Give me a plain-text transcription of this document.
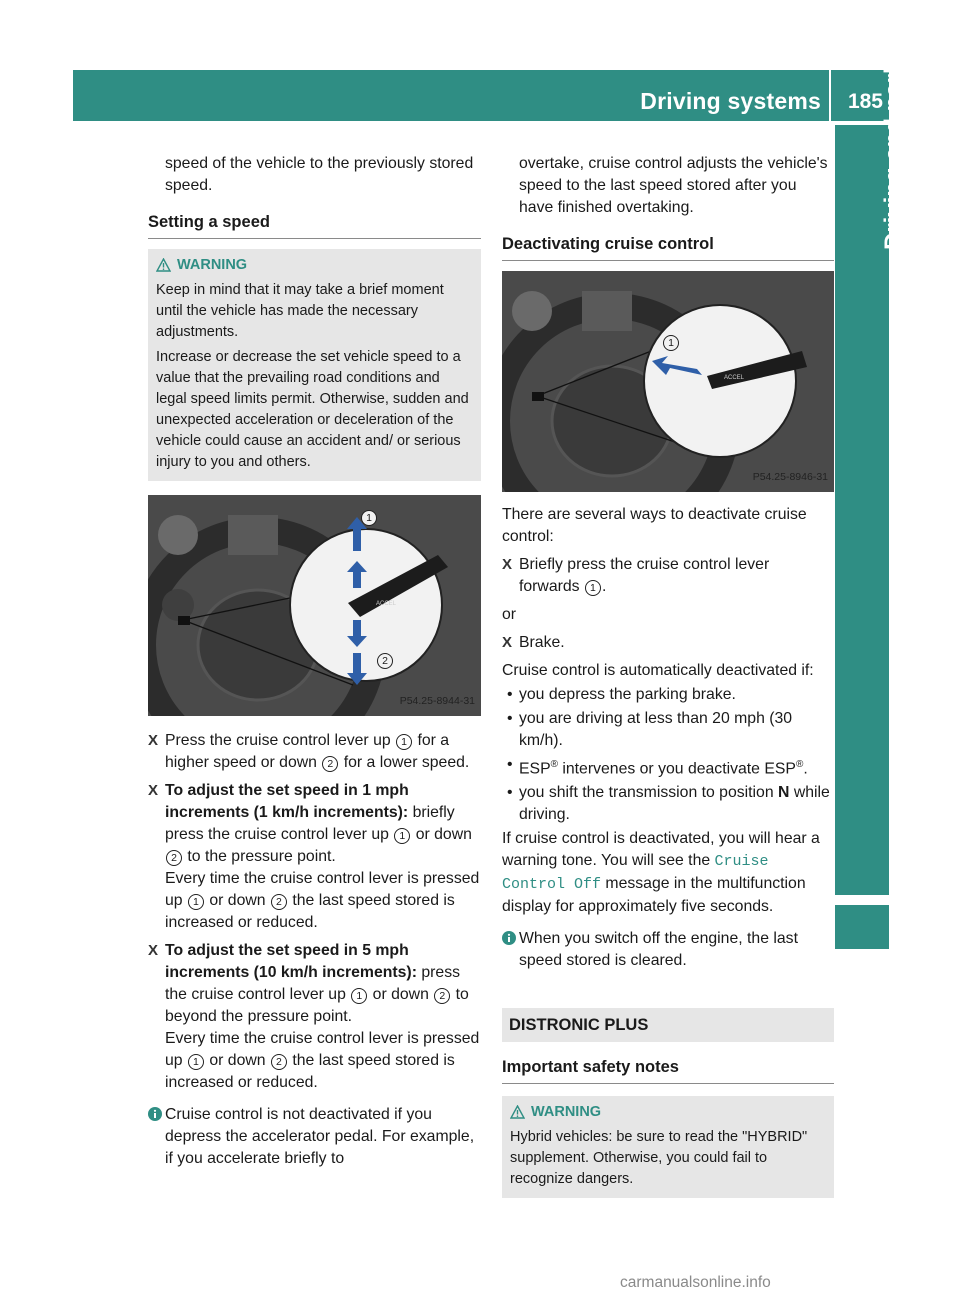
Driving systems 185
Driving and parking

speed of the vehicle to the previously stored speed.

Setting a speed
WARNING

Keep in mind that it may take a brief moment until the vehicle has made the necessary adjustments.

Increase or decrease the set vehicle speed to a value that the prevailing road conditions and legal speed limits permit. Otherwise, sudden and unexpected acceleration or deceleration of the vehicle could cause an accident and/ or serious injury to you and others.

ACCEL
1
2
P54.25-8944-31
X Press the cruise control lever up 1 for a higher speed or down 2 for a lower speed.
X To adjust the set speed in 1 mph increments (1 km/h increments): briefly press the cruise control lever up 1 or down 2 to the pressure point.
Every time the cruise control lever is pressed up 1 or down 2 the last speed stored is increased or reduced.
X To adjust the set speed in 5 mph increments (10 km/h increments): press the cruise control lever up 1 or down 2 to beyond the pressure point.
Every time the cruise control lever is pressed up 1 or down 2 the last speed stored is increased or reduced.
Cruise control is not deactivated if you depress the accelerator pedal. For example, if you accelerate briefly to

overtake, cruise control adjusts the vehicle's speed to the last speed stored after you have finished overtaking.

Deactivating cruise control
ACCEL
1
P54.25-8946-31

There are several ways to deactivate cruise control:

X Briefly press the cruise control lever forwards 1 .

or

X Brake.

Cruise control is automatically deactivated if:

• you depress the parking brake.
• you are driving at less than 20 mph (30 km/h).
• ESP® intervenes or you deactivate ESP®.
• you shift the transmission to position N while driving.

If cruise control is deactivated, you will hear a warning tone. You will see the Cruise Control Off message in the multifunction display for approximately five seconds.

When you switch off the engine, the last speed stored is cleared.
DISTRONIC PLUS
Important safety notes
WARNING

Hybrid vehicles: be sure to read the "HYBRID" supplement. Otherwise, you could fail to recognize dangers.

carmanualsonline.info
